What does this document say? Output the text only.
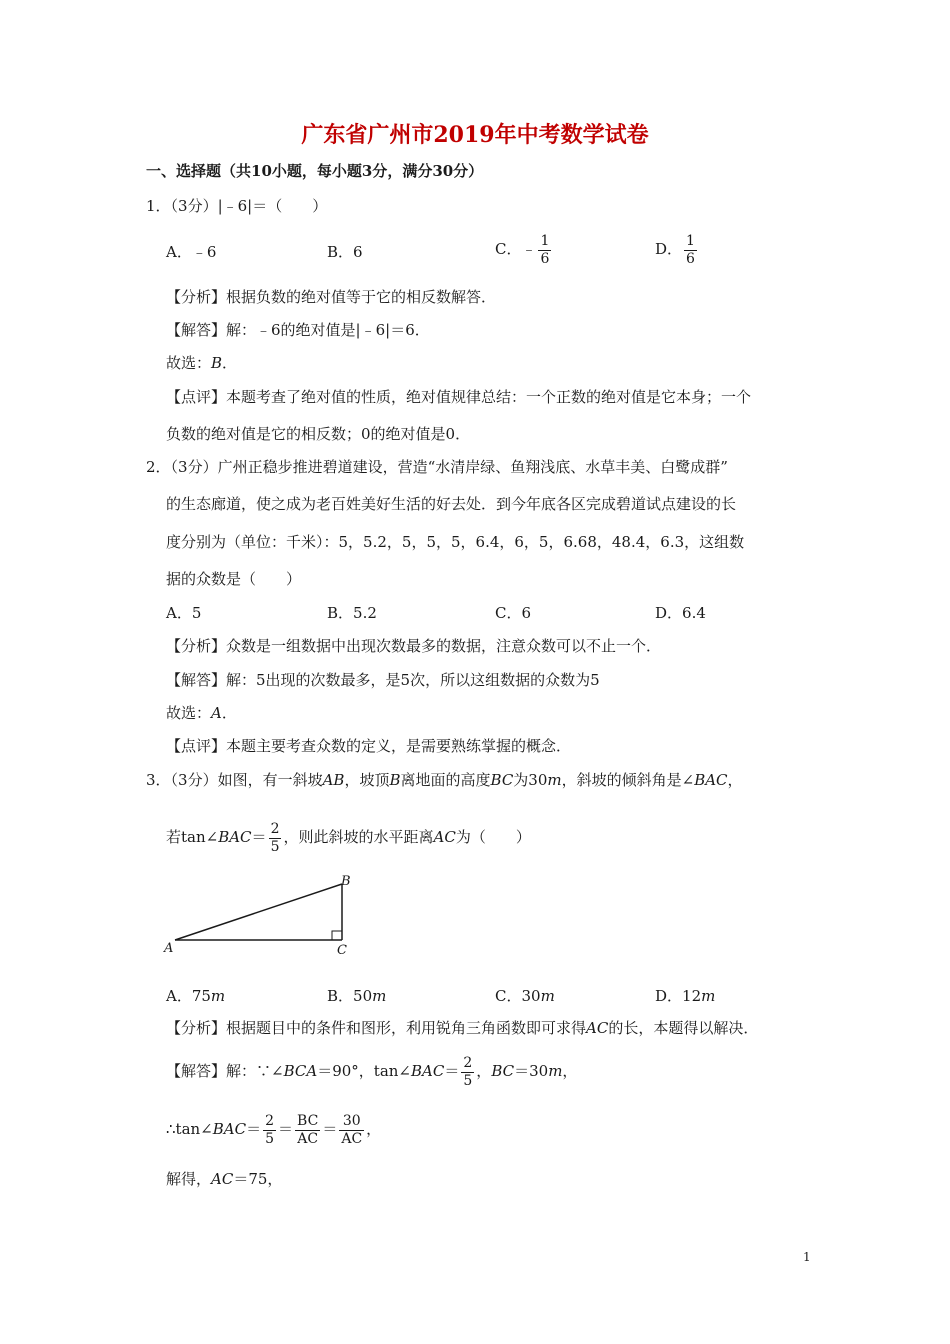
广东省广州市2019年中考数学试卷
一、选择题（共10小题，每小题3分，满分30分）
1．（3分）|﹣6|＝（　　）
A．﹣6	B．6	C．﹣ $\frac{1}{6}$	D． $\frac{1}{6}$
【分析】根据负数的绝对值等于它的相反数解答．
【解答】解：﹣6的绝对值是|﹣6|＝6．
故选：B．
【点评】本题考查了绝对值的性质，绝对值规律总结：一个正数的绝对值是它本身；一个
负数的绝对值是它的相反数；0的绝对值是0．
2．（3分）广州正稳步推进碧道建设，营造“水清岸绿、鱼翔浅底、水草丰美、白鹭成群”
的生态廊道，使之成为老百姓美好生活的好去处．到今年底各区完成碧道试点建设的长
度分别为（单位：千米）：5，5.2，5，5，5，6.4，6，5，6.68，48.4，6.3，这组数
据的众数是（　　）
A．5	B．5.2	C．6	D．6.4
【分析】众数是一组数据中出现次数最多的数据，注意众数可以不止一个．
【解答】解：5出现的次数最多，是5次，所以这组数据的众数为5
故选：A．
【点评】本题主要考查众数的定义，是需要熟练掌握的概念．
3．（3分）如图，有一斜坡AB，坡顶B离地面的高度BC为30m，斜坡的倾斜角是∠BAC，
若tan∠BAC＝ $\frac{2}{5}$ ，则此斜坡的水平距离AC为（　　）
A
B
C
A．75m	B．50m	C．30m	D．12m
【分析】根据题目中的条件和图形，利用锐角三角函数即可求得AC的长，本题得以解决．
【解答】解：∵∠BCA＝90°，tan∠BAC＝ $\frac{2}{5}$ ，BC＝30m，
∴tan∠BAC＝ $\frac{2}{5} = \frac{BC}{AC} = \frac{30}{AC}$ ，
解得，AC＝75，
1
